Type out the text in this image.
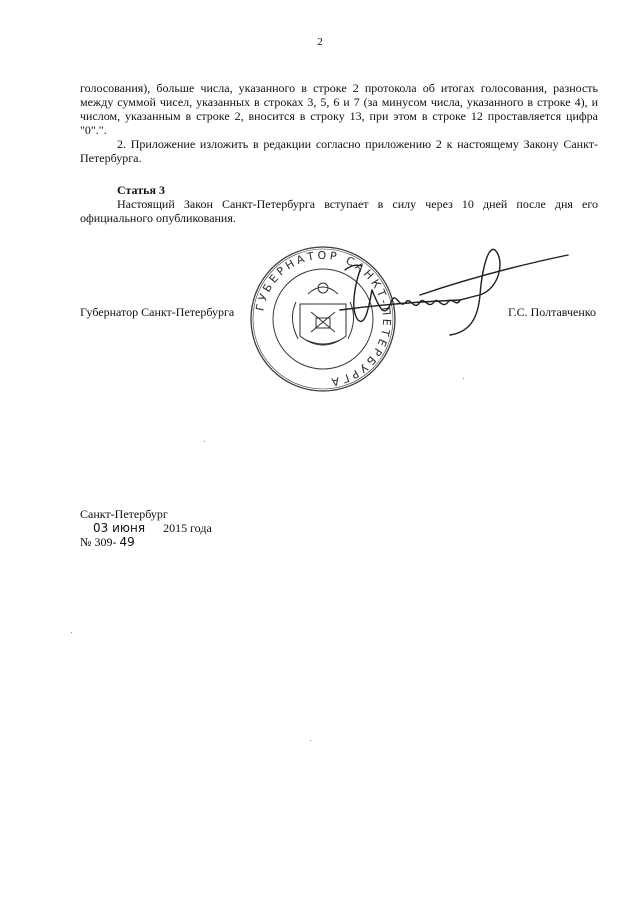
2
голосования), больше числа, указанного в строке 2 протокола об итогах голосования, разность между суммой чисел, указанных в строках 3, 5, 6 и 7 (за минусом числа, указанного в строке 4), и числом, указанным в строке 2, вносится в строку 13, при этом в строке 12 проставляется цифра "0".".
2. Приложение изложить в редакции согласно приложению 2 к настоящему Закону Санкт-Петербурга.
Статья 3
Настоящий Закон Санкт-Петербурга вступает в силу через 10 дней после дня его официального опубликования.
ГУБЕРНАТОР САНКТ-ПЕТЕРБУРГА
Губернатор Санкт-Петербурга	Г.С. Полтавченко
Санкт-Петербург
03 июня 2015 года
№ 309- 49
